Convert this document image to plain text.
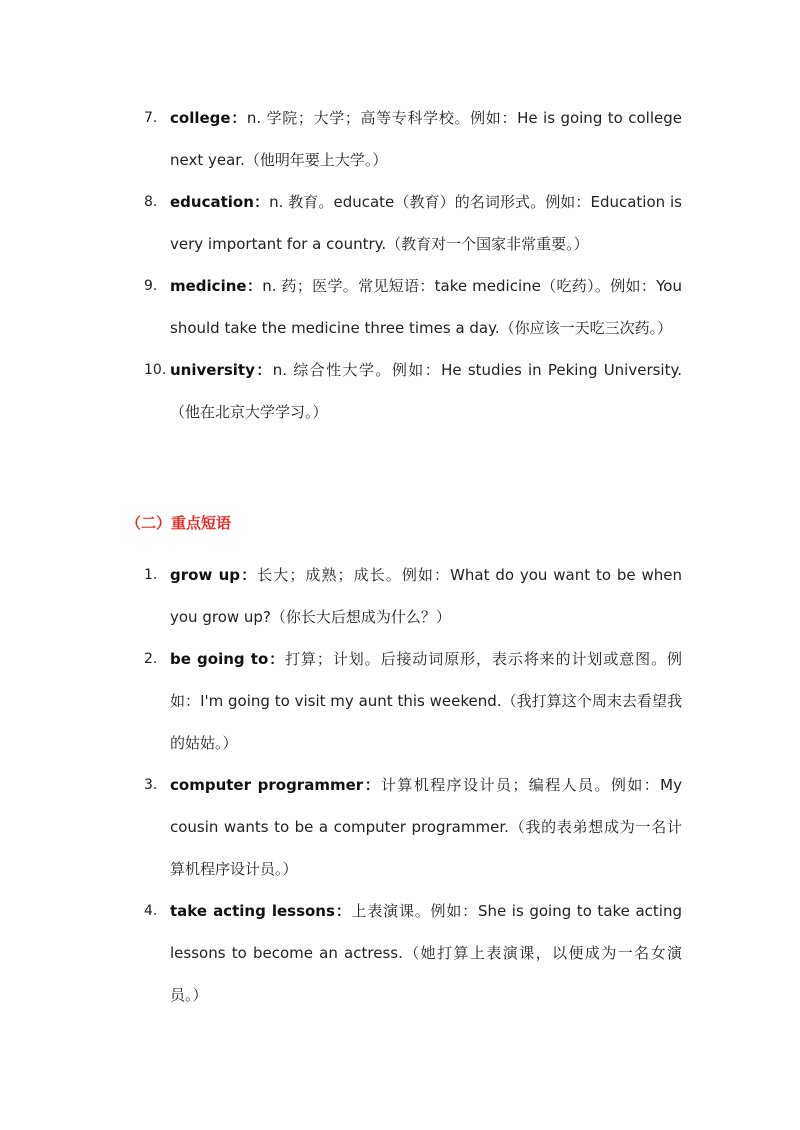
7. college：n. 学院；大学；高等专科学校。例如：He is going to college next year.（他明年要上大学。）
8. education：n. 教育。educate（教育）的名词形式。例如：Education is very important for a country.（教育对一个国家非常重要。）
9. medicine：n. 药；医学。常见短语：take medicine（吃药）。例如：You should take the medicine three times a day.（你应该一天吃三次药。）
10. university：n. 综合性大学。例如：He studies in Peking University.（他在北京大学学习。）
（二）重点短语
1. grow up：长大；成熟；成长。例如：What do you want to be when you grow up?（你长大后想成为什么？）
2. be going to：打算；计划。后接动词原形，表示将来的计划或意图。例如：I'm going to visit my aunt this weekend.（我打算这个周末去看望我的姑姑。）
3. computer programmer：计算机程序设计员；编程人员。例如：My cousin wants to be a computer programmer.（我的表弟想成为一名计算机程序设计员。）
4. take acting lessons：上表演课。例如：She is going to take acting lessons to become an actress.（她打算上表演课，以便成为一名女演员。）
